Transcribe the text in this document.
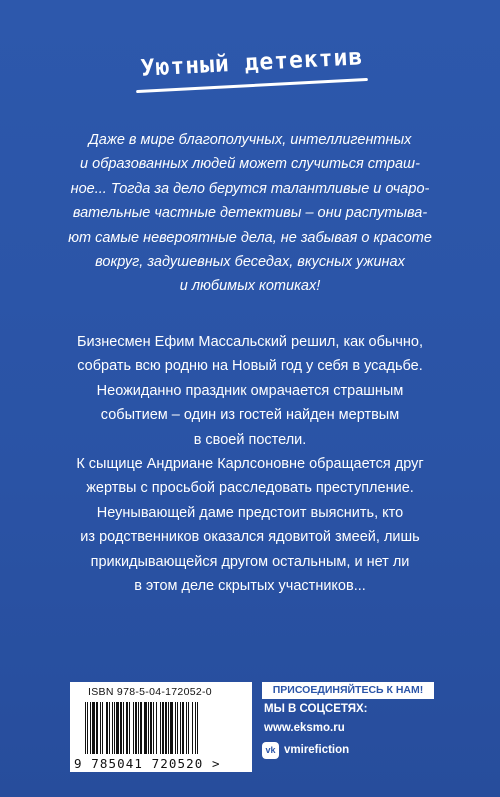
Уютный детектив
Даже в мире благополучных, интеллигентных
и образованных людей может случиться страш-
ное... Тогда за дело берутся талантливые и очаро-
вательные частные детективы – они распутыва-
ют самые невероятные дела, не забывая о красоте
вокруг, задушевных беседах, вкусных ужинах
и любимых котиках!
Бизнесмен Ефим Массальский решил, как обычно,
собрать всю родню на Новый год у себя в усадьбе.
Неожиданно праздник омрачается страшным
событием – один из гостей найден мертвым
в своей постели.
К сыщице Андриане Карлсоновне обращается друг
жертвы с просьбой расследовать преступление.
Неунывающей даме предстоит выяснить, кто
из родственников оказался ядовитой змеей, лишь
прикидывающейся другом остальным, и нет ли
в этом деле скрытых участников...
ISBN 978-5-04-172052-0
9 785041 720520 >
ПРИСОЕДИНЯЙТЕСЬ К НАМ!
МЫ В СОЦСЕТЯХ:
www.eksmo.ru
vk vmirefiction
